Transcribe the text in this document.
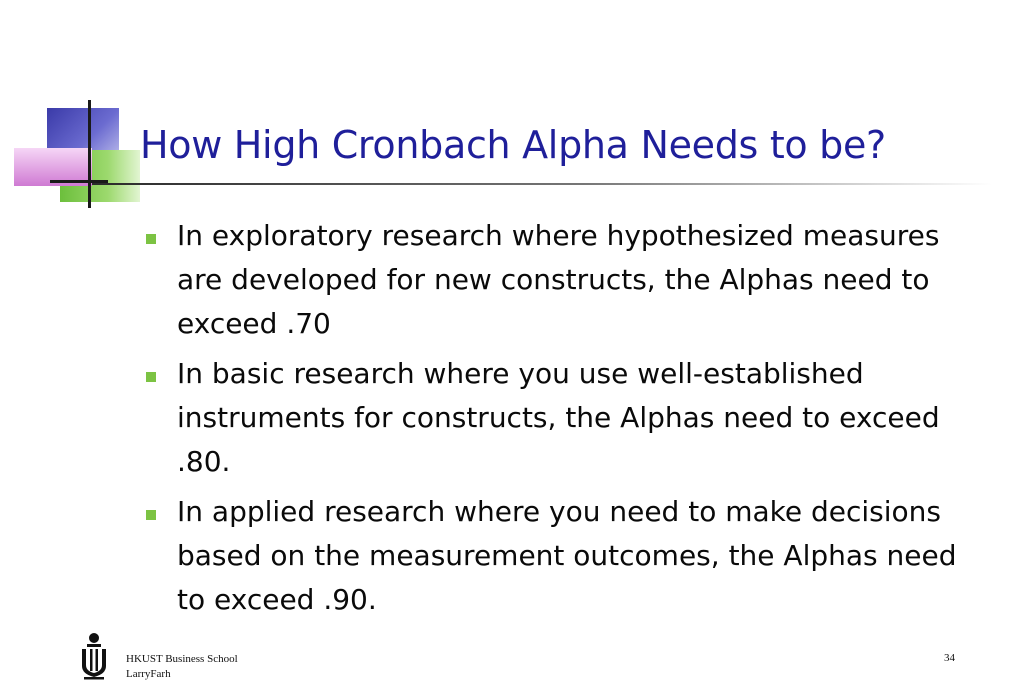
How High Cronbach Alpha Needs to be?
In exploratory research where hypothesized measures are developed for new constructs, the Alphas need to exceed .70
In basic research where you use well-established instruments for constructs, the Alphas need to exceed .80.
In applied research where you need to make decisions based on the measurement outcomes, the Alphas need to exceed .90.
HKUST Business School
LarryFarh
34
